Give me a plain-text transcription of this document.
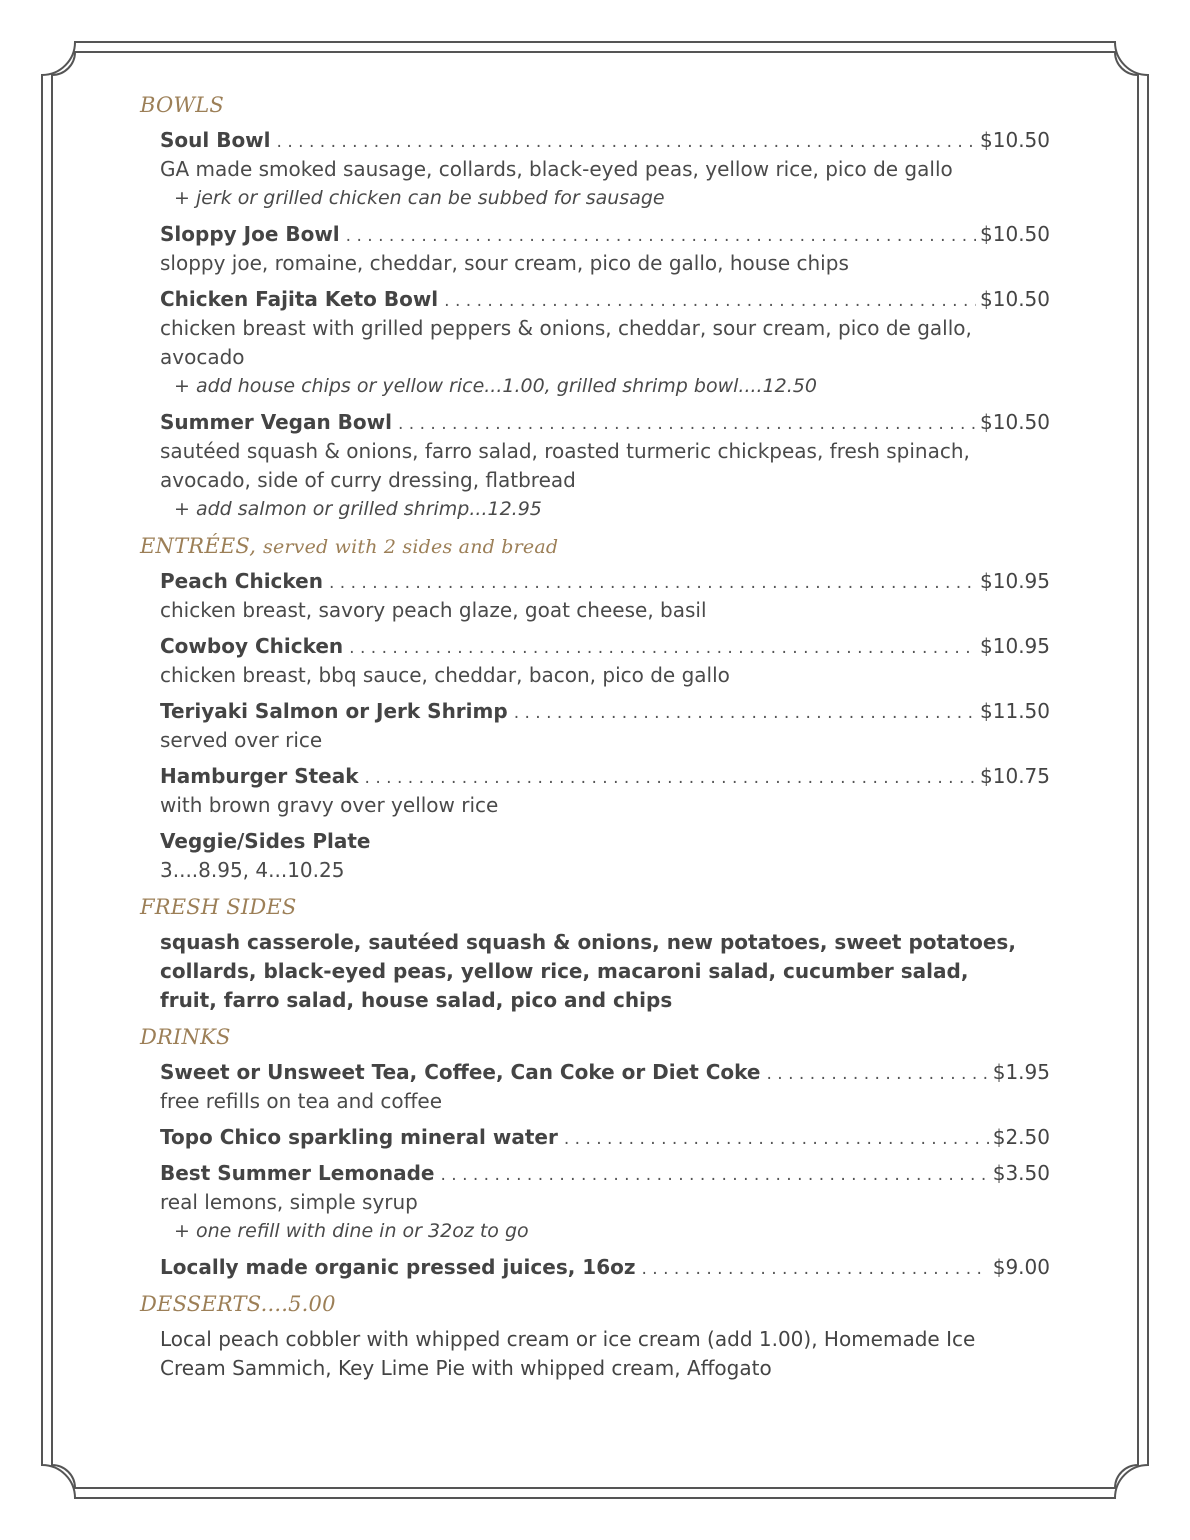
BOWLS
Soul Bowl . . .	$10.50
GA made smoked sausage, collards, black-eyed peas, yellow rice, pico de gallo
+ jerk or grilled chicken can be subbed for sausage
Sloppy Joe Bowl . . .	$10.50
sloppy joe, romaine, cheddar, sour cream, pico de gallo, house chips
Chicken Fajita Keto Bowl . . .	$10.50
chicken breast with grilled peppers & onions, cheddar, sour cream, pico de gallo, avocado
+ add house chips or yellow rice...1.00, grilled shrimp bowl....12.50
Summer Vegan Bowl . . .	$10.50
sautéed squash & onions, farro salad, roasted turmeric chickpeas, fresh spinach, avocado, side of curry dressing, flatbread
+ add salmon or grilled shrimp...12.95
ENTRÉES, served with 2 sides and bread
Peach Chicken . . .	$10.95
chicken breast, savory peach glaze, goat cheese, basil
Cowboy Chicken . . .	$10.95
chicken breast, bbq sauce, cheddar, bacon, pico de gallo
Teriyaki Salmon or Jerk Shrimp . . .	$11.50
served over rice
Hamburger Steak . . .	$10.75
with brown gravy over yellow rice
Veggie/Sides Plate
3....8.95, 4...10.25
FRESH SIDES
squash casserole, sautéed squash & onions, new potatoes, sweet potatoes, collards, black-eyed peas, yellow rice, macaroni salad, cucumber salad, fruit, farro salad, house salad, pico and chips
DRINKS
Sweet or Unsweet Tea, Coffee, Can Coke or Diet Coke . . .	$1.95
free refills on tea and coffee
Topo Chico sparkling mineral water . . .	$2.50
Best Summer Lemonade . . .	$3.50
real lemons, simple syrup
+ one refill with dine in or 32oz to go
Locally made organic pressed juices, 16oz . . .	$9.00
DESSERTS....5.00
Local peach cobbler with whipped cream or ice cream (add 1.00), Homemade Ice Cream Sammich, Key Lime Pie with whipped cream, Affogato
